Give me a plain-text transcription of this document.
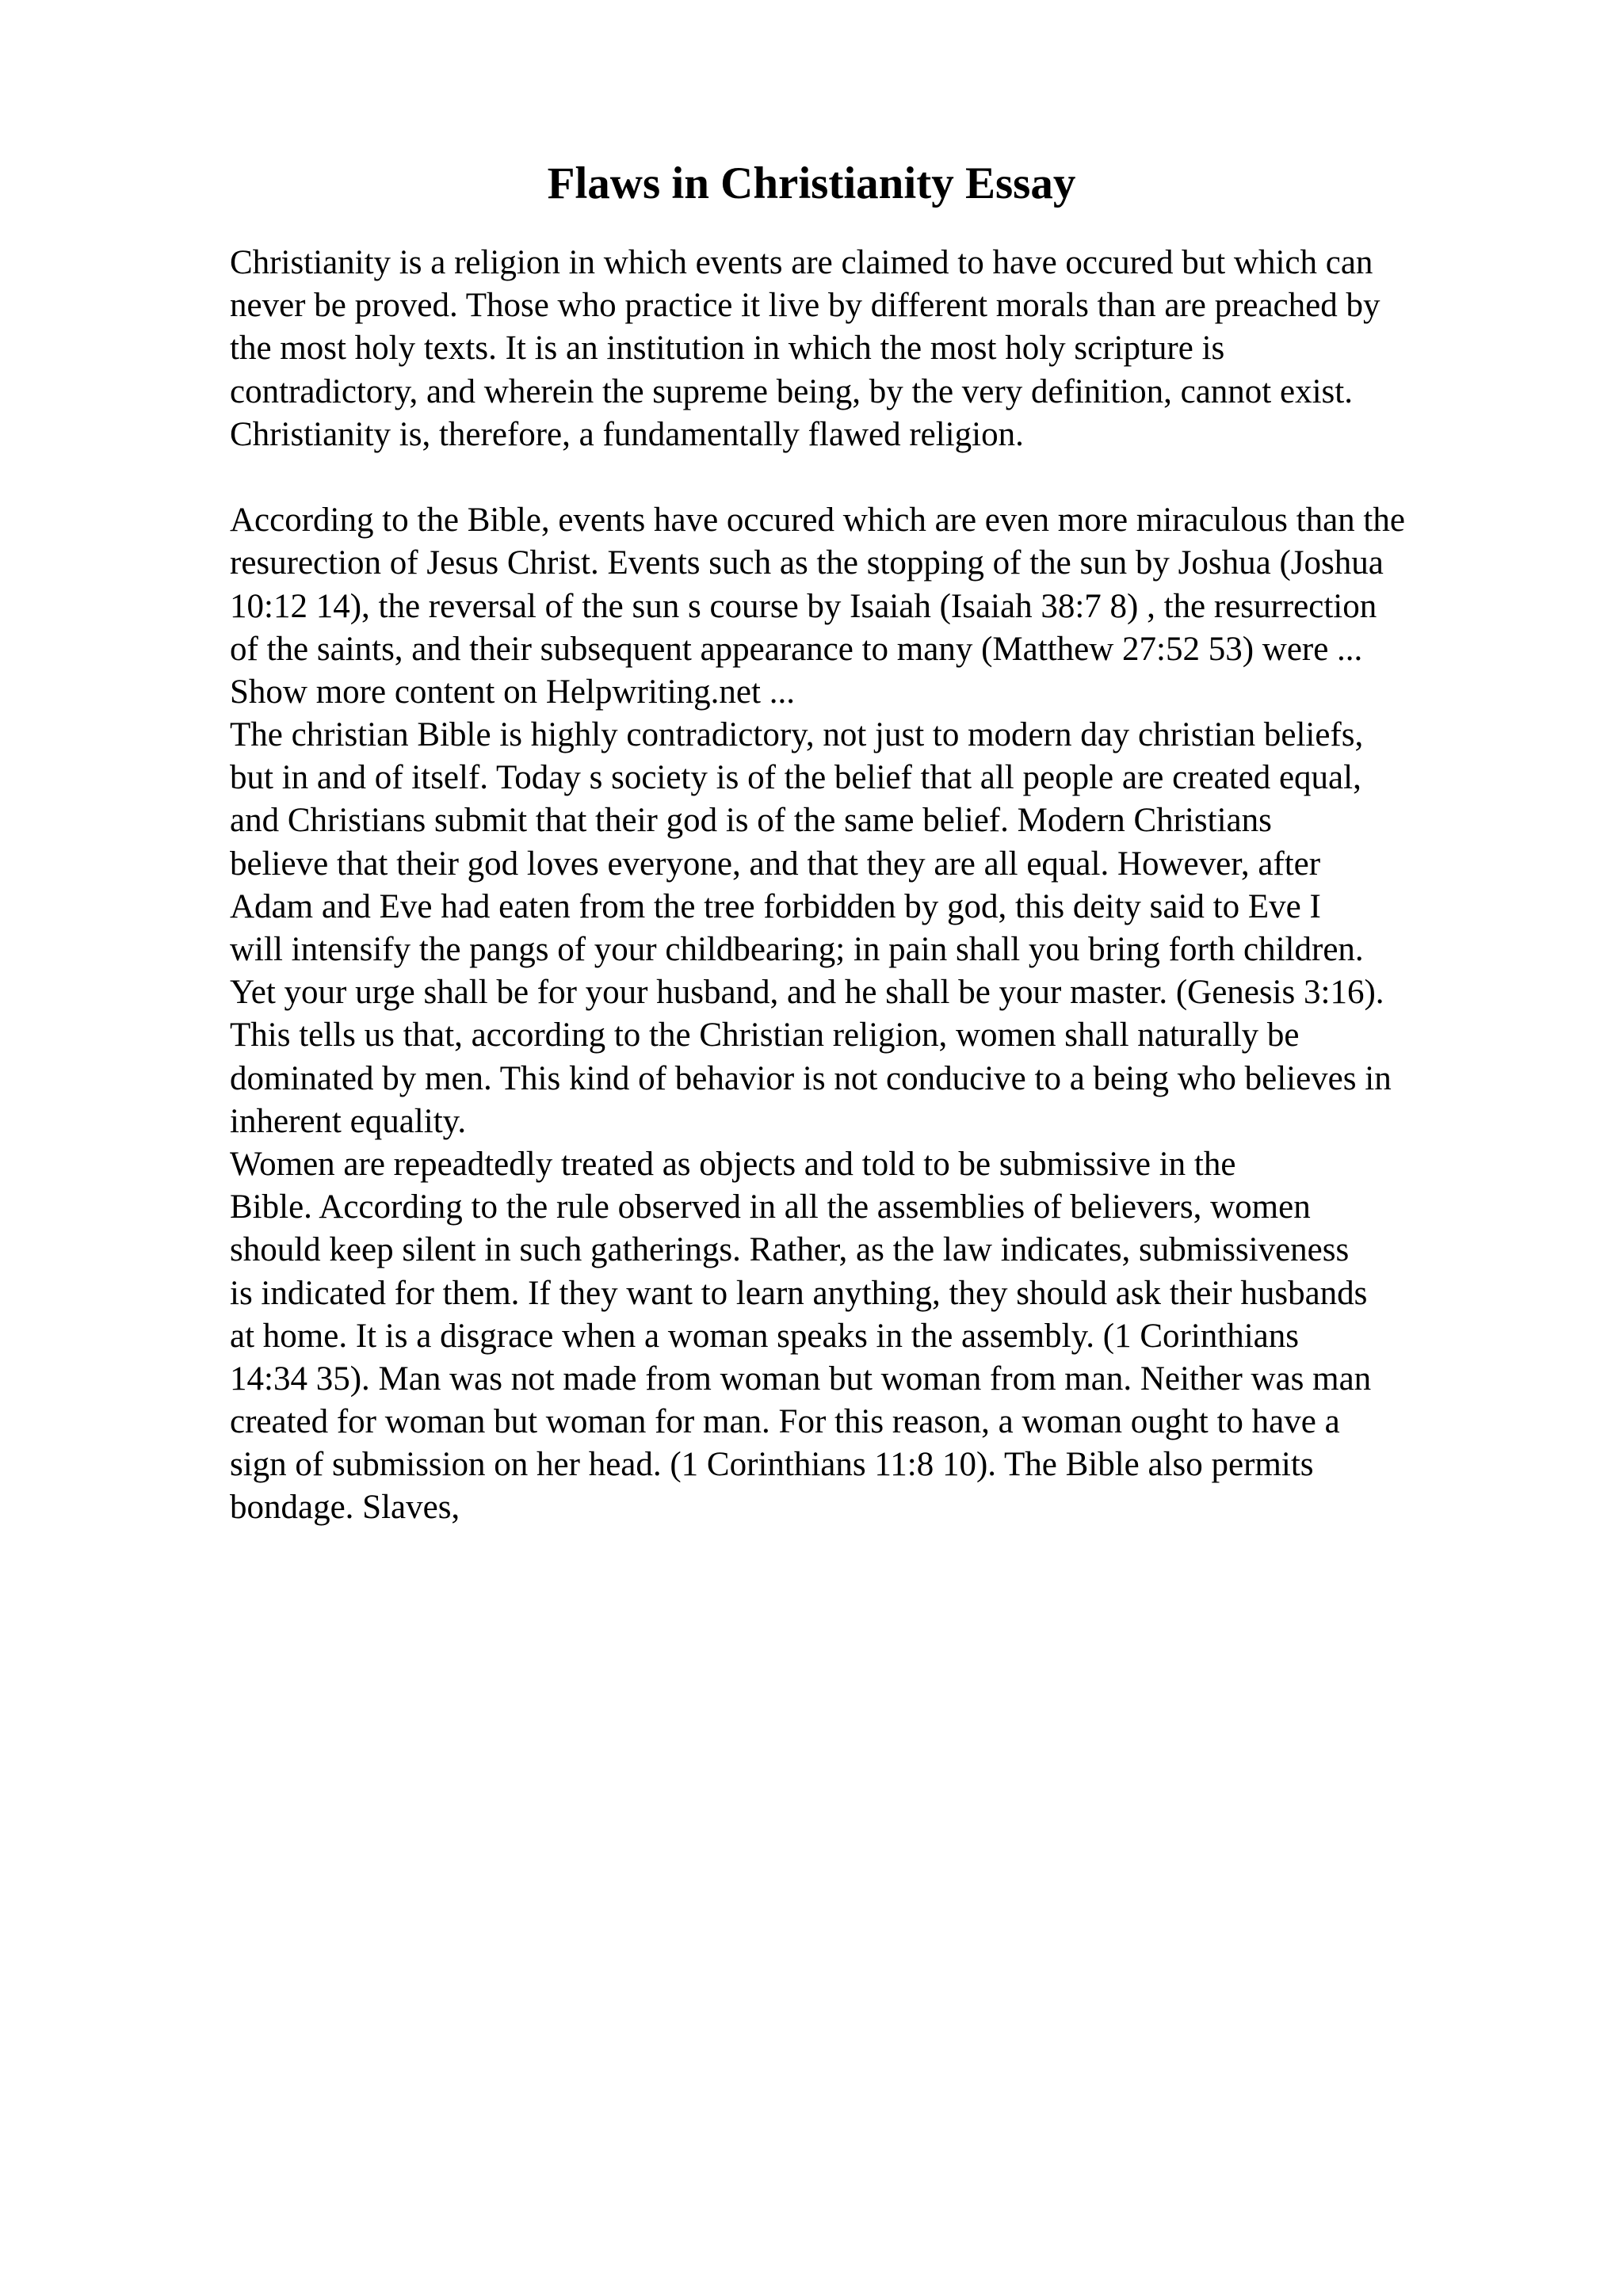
Flaws in Christianity Essay
Christianity is a religion in which events are claimed to have occured but which can
never be proved. Those who practice it live by different morals than are preached by
the most holy texts. It is an institution in which the most holy scripture is
contradictory, and wherein the supreme being, by the very definition, cannot exist.
Christianity is, therefore, a fundamentally flawed religion.
According to the Bible, events have occured which are even more miraculous than the
resurection of Jesus Christ. Events such as the stopping of the sun by Joshua (Joshua
10:12 14), the reversal of the sun s course by Isaiah (Isaiah 38:7 8) , the resurrection
of the saints, and their subsequent appearance to many (Matthew 27:52 53) were ...
Show more content on Helpwriting.net ...
The christian Bible is highly contradictory, not just to modern day christian beliefs,
but in and of itself. Today s society is of the belief that all people are created equal,
and Christians submit that their god is of the same belief. Modern Christians
believe that their god loves everyone, and that they are all equal. However, after
Adam and Eve had eaten from the tree forbidden by god, this deity said to Eve I
will intensify the pangs of your childbearing; in pain shall you bring forth children.
Yet your urge shall be for your husband, and he shall be your master. (Genesis 3:16).
This tells us that, according to the Christian religion, women shall naturally be
dominated by men. This kind of behavior is not conducive to a being who believes in
inherent equality.
Women are repeadtedly treated as objects and told to be submissive in the
Bible. According to the rule observed in all the assemblies of believers, women
should keep silent in such gatherings. Rather, as the law indicates, submissiveness
is indicated for them. If they want to learn anything, they should ask their husbands
at home. It is a disgrace when a woman speaks in the assembly. (1 Corinthians
14:34 35). Man was not made from woman but woman from man. Neither was man
created for woman but woman for man. For this reason, a woman ought to have a
sign of submission on her head. (1 Corinthians 11:8 10). The Bible also permits
bondage. Slaves,
